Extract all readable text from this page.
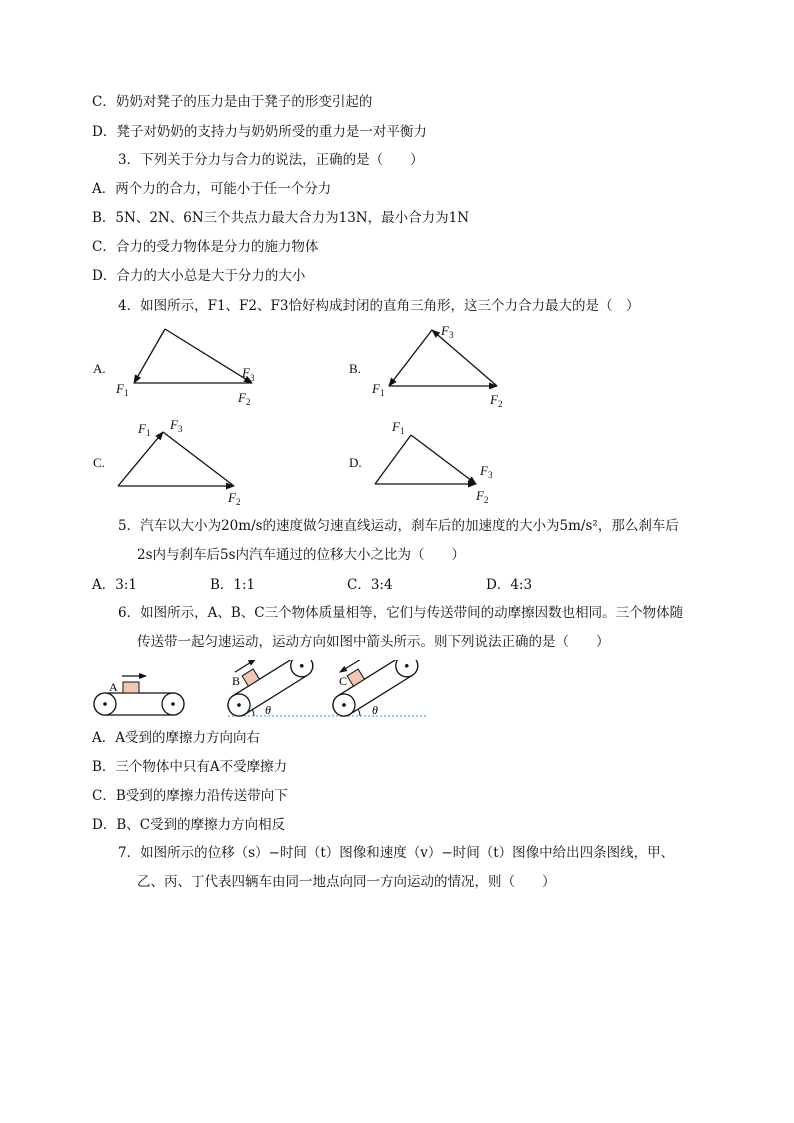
C．奶奶对凳子的压力是由于凳子的形变引起的
D．凳子对奶奶的支持力与奶奶所受的重力是一对平衡力
3．下列关于分力与合力的说法，正确的是（　　）
A．两个力的合力，可能小于任一个分力
B．5N、2N、6N三个共点力最大合力为13N，最小合力为1N
C．合力的受力物体是分力的施力物体
D．合力的大小总是大于分力的大小
4．如图所示，F1、F2、F3恰好构成封闭的直角三角形，这三个力合力最大的是（　）
A.
F 1
F 3
F 2
B.
F 3
F 1	F 2
C.
F 1
F 3
F 2
D.
F 1
F 3
F 2
5．汽车以大小为20m/s的速度做匀速直线运动，刹车后的加速度的大小为5m/s²，那么刹车后
2s内与刹车后5s内汽车通过的位移大小之比为（　　）
A．3:1	B．1:1	C．3:4	D．4:3
6．如图所示，A、B、C三个物体质量相等，它们与传送带间的动摩擦因数也相同。三个物体随
传送带一起匀速运动，运动方向如图中箭头所示。则下列说法正确的是（　　）
A	B
θ
C
θ
A．A受到的摩擦力方向向右
B．三个物体中只有A不受摩擦力
C．B受到的摩擦力沿传送带向下
D．B、C受到的摩擦力方向相反
7．如图所示的位移（s）−时间（t）图像和速度（v）−时间（t）图像中给出四条图线，甲、
乙、丙、丁代表四辆车由同一地点向同一方向运动的情况，则（　　）
